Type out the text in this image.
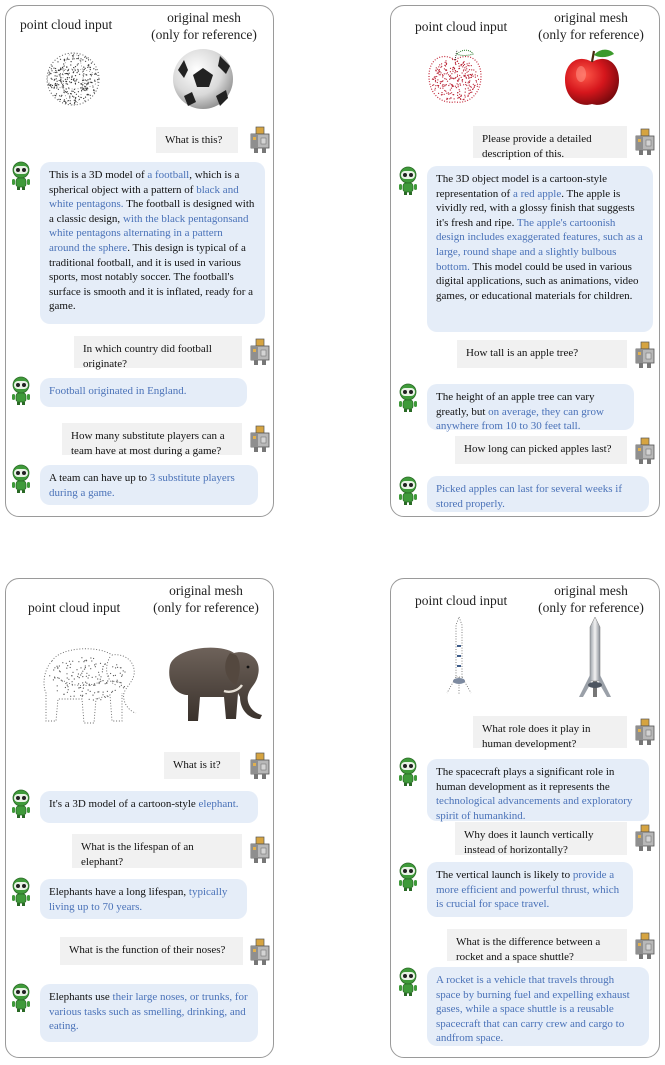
point cloud input	original mesh
(only for reference)
What is this?
This is a 3D model of a football, which is a spherical object with a pattern of black and white pentagons. The football is designed with a classic design, with the black pentagonsand white pentagons alternating in a pattern around the sphere. This design is typical of a traditional football, and it is used in various sports, most notably soccer. The football's surface is smooth and it is inflated, ready for a game.
In which country did football originate?
Football originated in England.
How many substitute players can a team have at most during a game?
A team can have up to 3 substitute players during a game.
point cloud input
original mesh
(only for reference)
Please provide a detailed description of this.
The 3D object model is a cartoon-style representation of a red apple. The apple is vividly red, with a glossy finish that suggests it's fresh and ripe. The apple's cartoonish design includes exaggerated features, such as a large, round shape and a slightly bulbous bottom. This model could be used in various digital applications, such as animations, video games, or educational materials for children.
How tall is an apple tree?
The height of an apple tree can vary greatly, but on average, they can grow anywhere from 10 to 30 feet tall.
How long can picked apples last?
Picked apples can last for several weeks if stored properly.
point cloud input
original mesh
(only for reference)
What is it?
It's a 3D model of a cartoon-style elephant.
What is the lifespan of an elephant?
Elephants have a long lifespan, typically living up to 70 years.
What is the function of their noses?
Elephants use their large noses, or trunks, for various tasks such as smelling, drinking, and eating.
point cloud input
original mesh
(only for reference)
What role does it play in human development?
The spacecraft plays a significant role in human development as it represents the technological advancements and exploratory spirit of humankind.
Why does it launch vertically instead of horizontally?
The vertical launch is likely to provide a more efficient and powerful thrust, which is crucial for space travel.
What is the difference between a rocket and a space shuttle?
A rocket is a vehicle that travels through space by burning fuel and expelling exhaust gases, while a space shuttle is a reusable spacecraft that can carry crew and cargo to andfrom space.
